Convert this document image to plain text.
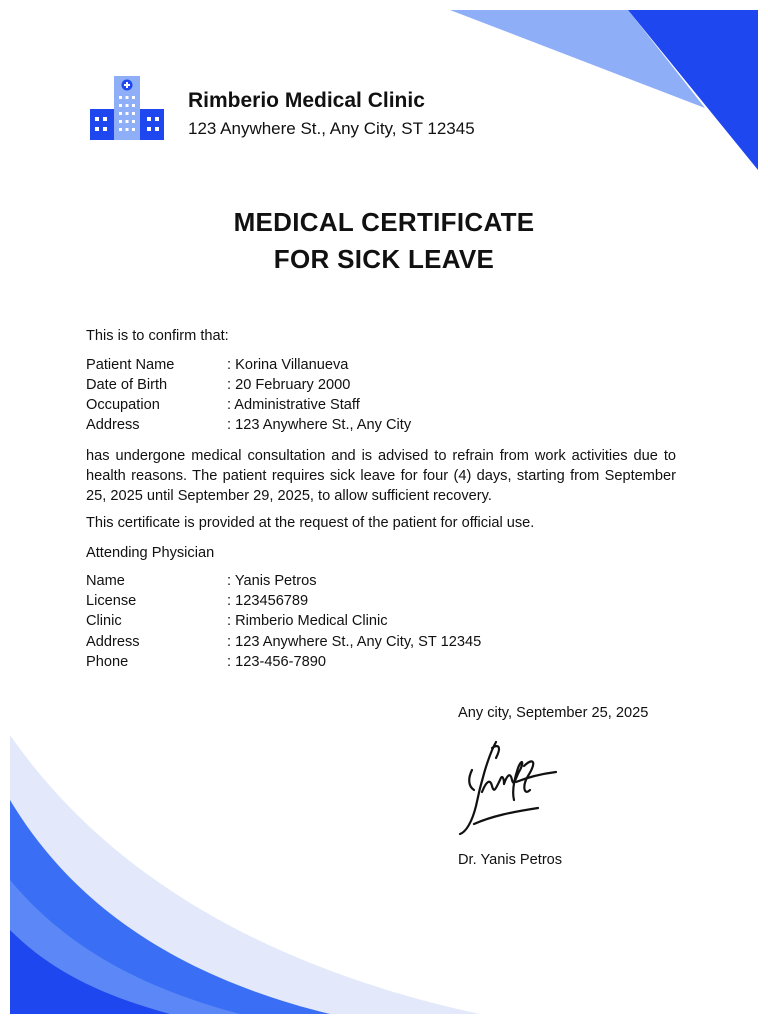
Rimberio Medical Clinic
123 Anywhere St., Any City, ST 12345
MEDICAL CERTIFICATE
FOR SICK LEAVE
This is to confirm that:
Patient Name	: Korina Villanueva
Date of Birth	: 20 February 2000
Occupation	: Administrative Staff
Address	: 123 Anywhere St., Any City
has undergone medical consultation and is advised to refrain from work activities due to health reasons. The patient requires sick leave for four (4) days, starting from September 25, 2025 until September 29, 2025, to allow sufficient recovery.
This certificate is provided at the request of the patient for official use.
Attending Physician
Name	: Yanis Petros
License	: 123456789
Clinic	: Rimberio Medical Clinic
Address	: 123 Anywhere St., Any City, ST 12345
Phone	: 123-456-7890
Any city, September 25, 2025
Dr. Yanis Petros
